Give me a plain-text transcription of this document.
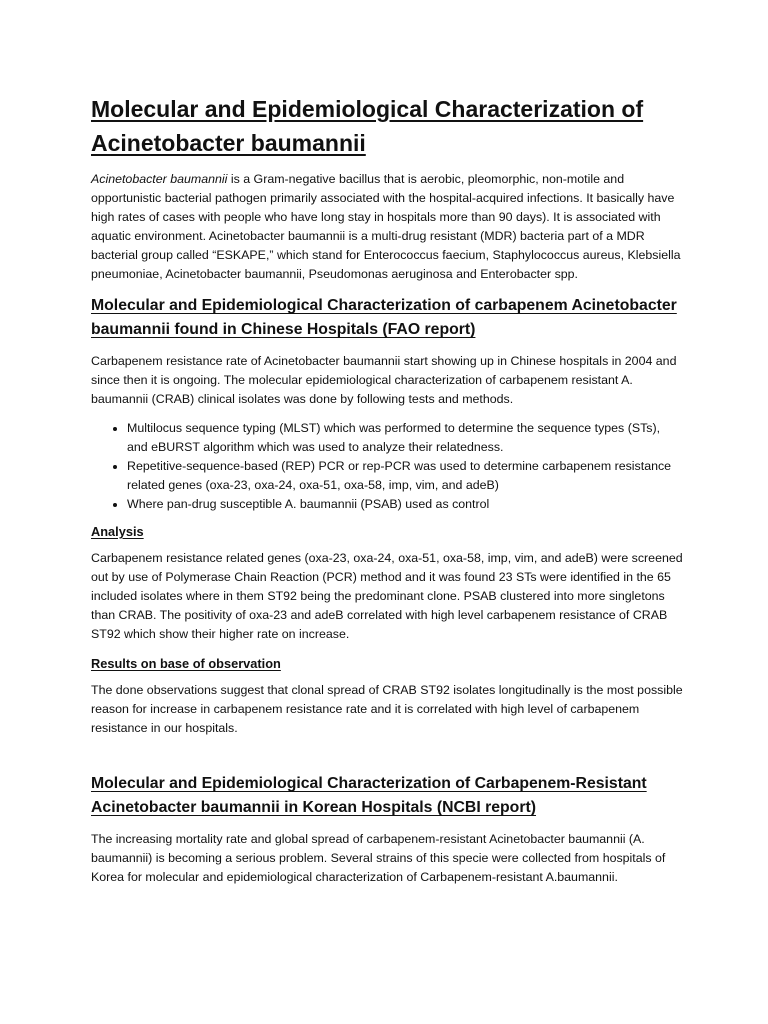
Molecular and Epidemiological Characterization of Acinetobacter baumannii

Acinetobacter baumannii is a Gram-negative bacillus that is aerobic, pleomorphic, non-motile and opportunistic bacterial pathogen primarily associated with the hospital-acquired infections. It basically have high rates of cases with people who have long stay in hospitals more than 90 days). It is associated with aquatic environment. Acinetobacter baumannii is a multi-drug resistant (MDR) bacteria part of a MDR bacterial group called “ESKAPE,” which stand for Enterococcus faecium, Staphylococcus aureus, Klebsiella pneumoniae, Acinetobacter baumannii, Pseudomonas aeruginosa and Enterobacter spp.

Molecular and Epidemiological Characterization of carbapenem Acinetobacter baumannii found in Chinese Hospitals (FAO report)

Carbapenem resistance rate of Acinetobacter baumannii start showing up in Chinese hospitals in 2004 and since then it is ongoing. The molecular epidemiological characterization of carbapenem resistant A. baumannii (CRAB) clinical isolates was done by following tests and methods.

• Multilocus sequence typing (MLST) which was performed to determine the sequence types (STs), and eBURST algorithm which was used to analyze their relatedness.
• Repetitive-sequence-based (REP) PCR or rep-PCR was used to determine carbapenem resistance related genes (oxa-23, oxa-24, oxa-51, oxa-58, imp, vim, and adeB)
• Where pan-drug susceptible A. baumannii (PSAB) used as control
Analysis

Carbapenem resistance related genes (oxa-23, oxa-24, oxa-51, oxa-58, imp, vim, and adeB) were screened out by use of Polymerase Chain Reaction (PCR) method and it was found 23 STs were identified in the 65 included isolates where in them ST92 being the predominant clone. PSAB clustered into more singletons than CRAB. The positivity of oxa-23 and adeB correlated with high level carbapenem resistance of CRAB ST92 which show their higher rate on increase.

Results on base of observation

The done observations suggest that clonal spread of CRAB ST92 isolates longitudinally is the most possible reason for increase in carbapenem resistance rate and it is correlated with high level of carbapenem resistance in our hospitals.

Molecular and Epidemiological Characterization of Carbapenem-Resistant Acinetobacter baumannii in Korean Hospitals (NCBI report)

The increasing mortality rate and global spread of carbapenem-resistant Acinetobacter baumannii (A. baumannii) is becoming a serious problem. Several strains of this specie were collected from hospitals of Korea for molecular and epidemiological characterization of Carbapenem-resistant A.baumannii.
